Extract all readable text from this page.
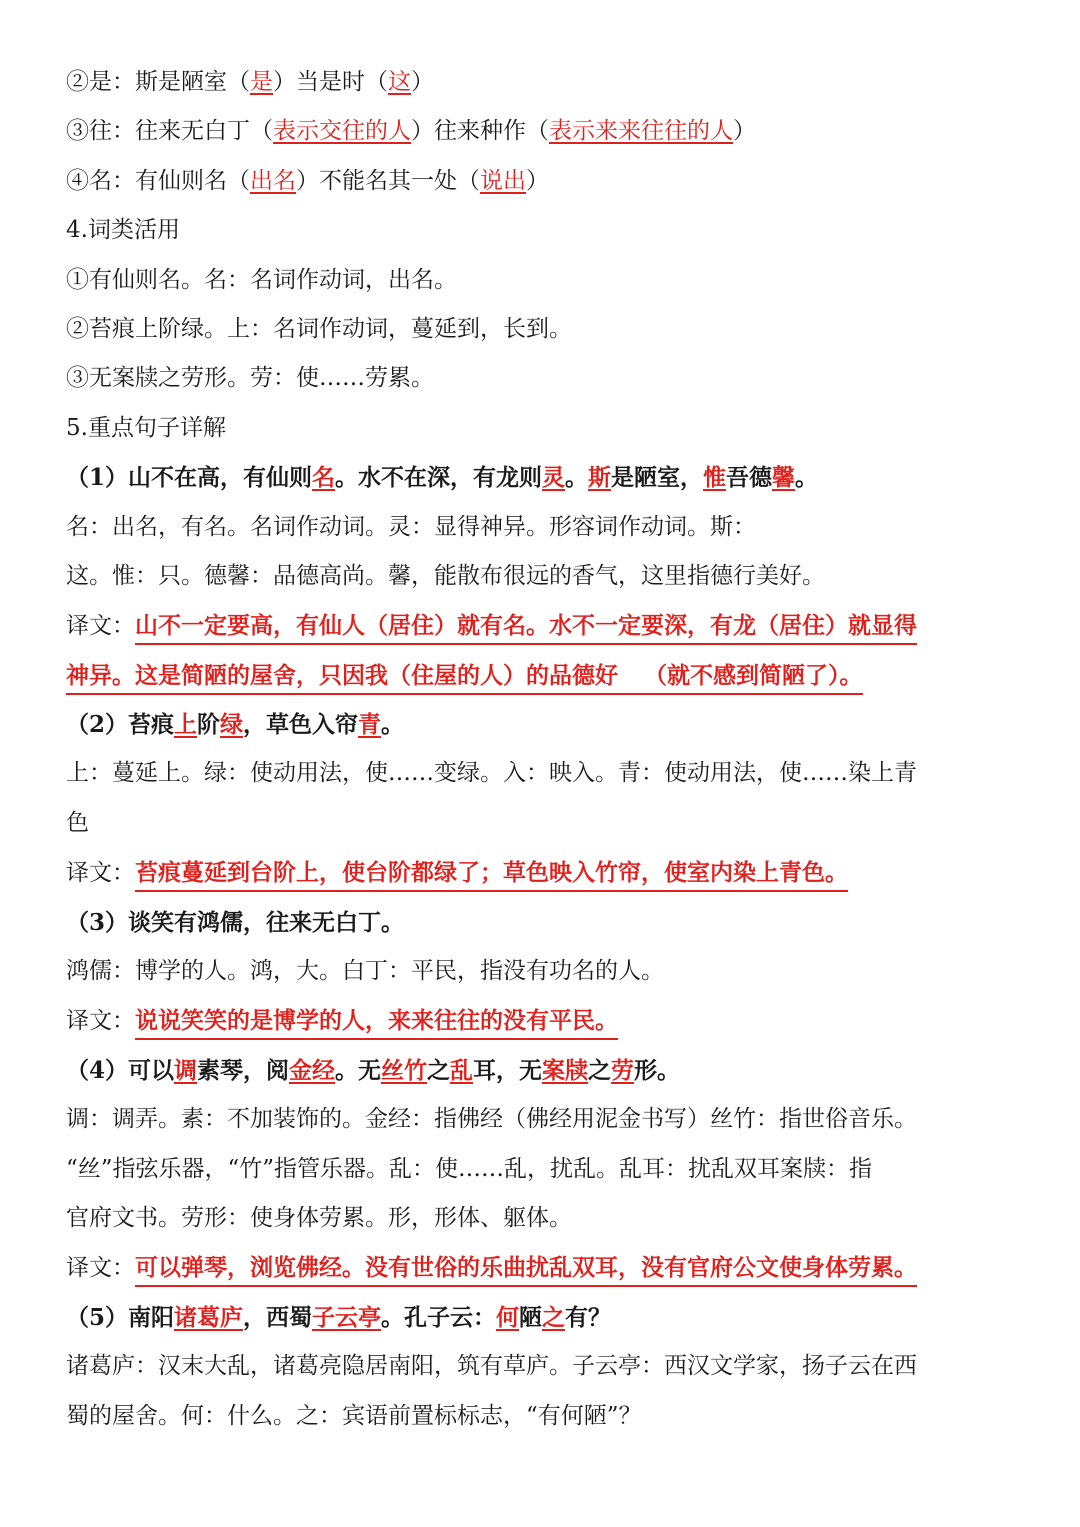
②是：斯是陋室（是）当是时（这）
③往：往来无白丁（表示交往的人）往来种作（表示来来往往的人）
④名：有仙则名（出名）不能名其一处（说出）
4.词类活用
①有仙则名。名：名词作动词，出名。
②苔痕上阶绿。上：名词作动词，蔓延到，长到。
③无案牍之劳形。劳：使……劳累。
5.重点句子详解
（1）山不在高，有仙则名。水不在深，有龙则灵。斯是陋室，惟吾德馨。
名：出名，有名。名词作动词。灵：显得神异。形容词作动词。斯：
这。惟：只。德馨：品德高尚。馨，能散布很远的香气，这里指德行美好。
译文：山不一定要高，有仙人（居住）就有名。水不一定要深，有龙（居住）就显得
神异。这是简陋的屋舍，只因我（住屋的人）的品德好 （就不感到简陋了）。
（2）苔痕上阶绿，草色入帘青。
上：蔓延上。绿：使动用法，使……变绿。入：映入。青：使动用法，使……染上青
色
译文：苔痕蔓延到台阶上，使台阶都绿了；草色映入竹帘，使室内染上青色。
（3）谈笑有鸿儒，往来无白丁。
鸿儒：博学的人。鸿，大。白丁：平民，指没有功名的人。
译文：说说笑笑的是博学的人，来来往往的没有平民。
（4）可以调素琴，阅金经。无丝竹之乱耳，无案牍之劳形。
调：调弄。素：不加装饰的。金经：指佛经（佛经用泥金书写）丝竹：指世俗音乐。
“丝”指弦乐器，“竹”指管乐器。乱：使……乱，扰乱。乱耳：扰乱双耳案牍：指
官府文书。劳形：使身体劳累。形，形体、躯体。
译文：可以弹琴，浏览佛经。没有世俗的乐曲扰乱双耳，没有官府公文使身体劳累。
（5）南阳诸葛庐，西蜀子云亭。孔子云：何陋之有？
诸葛庐：汉末大乱，诸葛亮隐居南阳，筑有草庐。子云亭：西汉文学家，扬子云在西
蜀的屋舍。何：什么。之：宾语前置标标志，“有何陋”？
